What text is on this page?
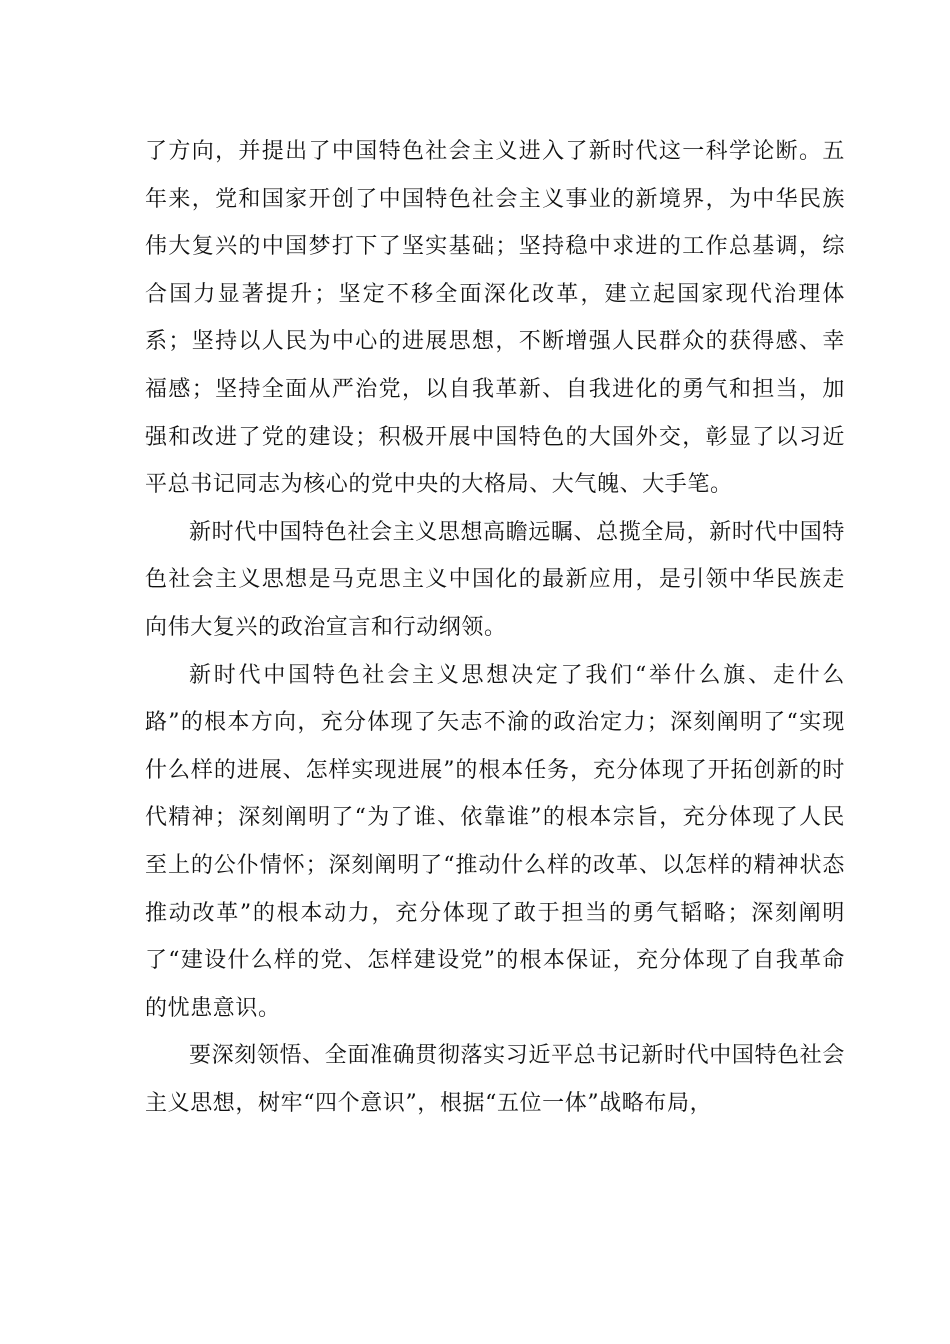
了方向，并提出了中国特色社会主义进入了新时代这一科学论断。五年来，党和国家开创了中国特色社会主义事业的新境界，为中华民族伟大复兴的中国梦打下了坚实基础；坚持稳中求进的工作总基调，综合国力显著提升；坚定不移全面深化改革，建立起国家现代治理体系；坚持以人民为中心的进展思想，不断增强人民群众的获得感、幸福感；坚持全面从严治党，以自我革新、自我进化的勇气和担当，加强和改进了党的建设；积极开展中国特色的大国外交，彰显了以习近平总书记同志为核心的党中央的大格局、大气魄、大手笔。

新时代中国特色社会主义思想高瞻远瞩、总揽全局，新时代中国特色社会主义思想是马克思主义中国化的最新应用，是引领中华民族走向伟大复兴的政治宣言和行动纲领。

新时代中国特色社会主义思想决定了我们“举什么旗、走什么路”的根本方向，充分体现了矢志不渝的政治定力；深刻阐明了“实现什么样的进展、怎样实现进展”的根本任务，充分体现了开拓创新的时代精神；深刻阐明了“为了谁、依靠谁”的根本宗旨，充分体现了人民至上的公仆情怀；深刻阐明了“推动什么样的改革、以怎样的精神状态推动改革”的根本动力，充分体现了敢于担当的勇气韬略；深刻阐明了“建设什么样的党、怎样建设党”的根本保证，充分体现了自我革命的忧患意识。

要深刻领悟、全面准确贯彻落实习近平总书记新时代中国特色社会主义思想，树牢“四个意识”，根据“五位一体”战略布局，
